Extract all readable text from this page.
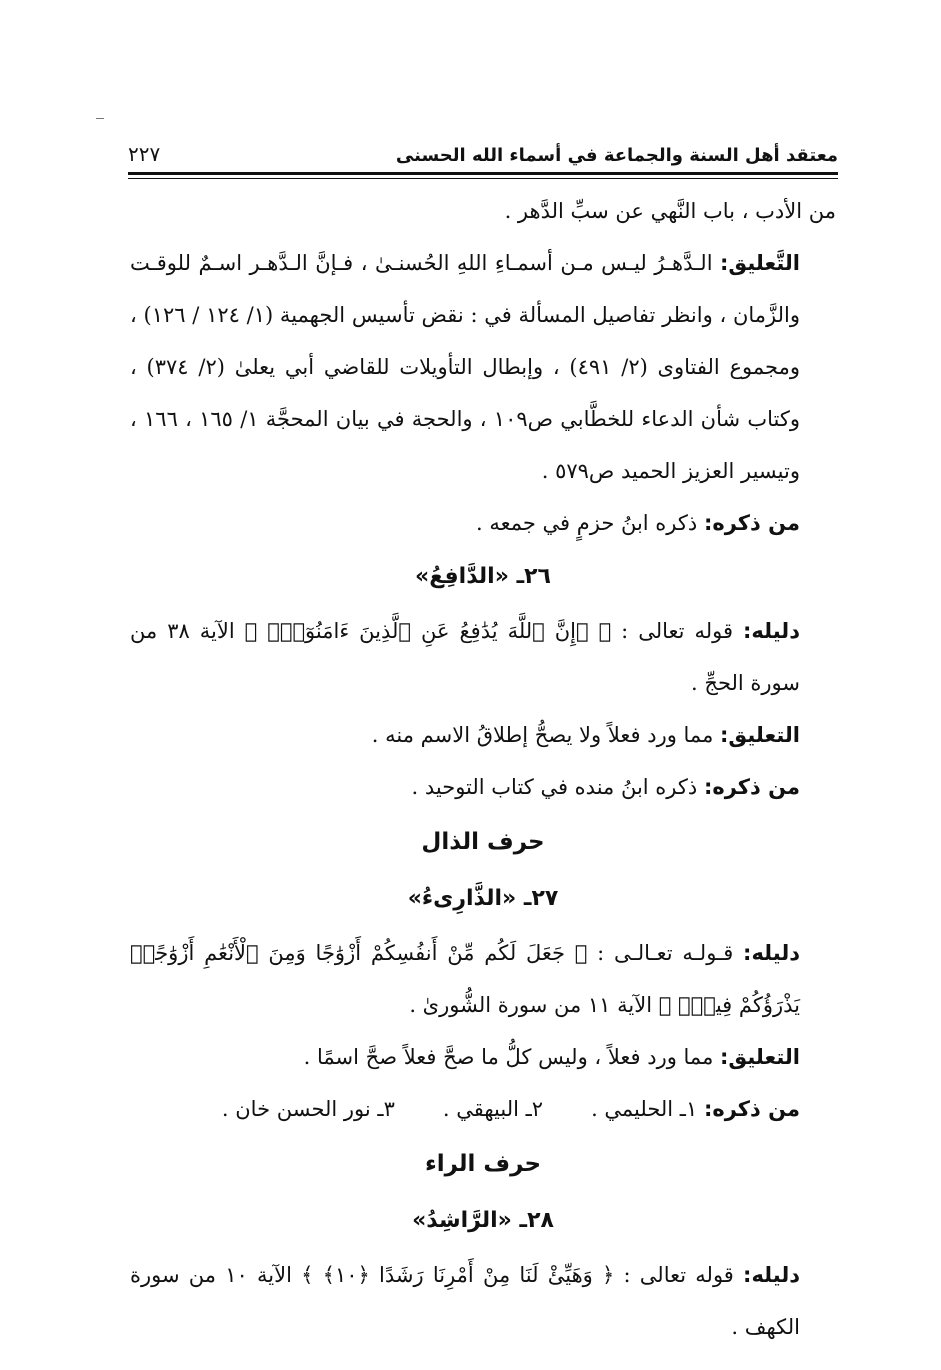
معتقد أهل السنة والجماعة في أسماء الله الحسنى
٢٢٧

من الأدب ، باب النَّهي عن سبِّ الدَّهر .

التَّعليق: الـدَّهـرُ ليـس مـن أسمـاءِ اللهِ الحُسنـىٰ ، فـإنَّ الـدَّهـر اسـمٌ للوقـت والزَّمان ، وانظر تفاصيل المسألة في : نقض تأسيس الجهمية (١/ ١٢٤ / ١٢٦) ، ومجموع الفتاوى (٢/ ٤٩١) ، وإبطال التأويلات للقاضي أبي يعلىٰ (٢/ ٣٧٤) ، وكتاب شأن الدعاء للخطَّابي ص١٠٩ ، والحجة في بيان المحجَّة ١/ ١٦٥ ، ١٦٦ ، وتيسير العزيز الحميد ص٥٧٩ .

من ذكره: ذكره ابنُ حزمٍ في جمعه .

٢٦ـ «الدَّافِعُ»

دليله: قوله تعالى : ﴿ ۞إِنَّ ٱللَّهَ يُدَٰفِعُ عَنِ ٱلَّذِينَ ءَامَنُوٓاْۗ ﴾ الآية ٣٨ من سورة الحجِّ .

التعليق: مما ورد فعلاً ولا يصحُّ إطلاقُ الاسم منه .

من ذكره: ذكره ابنُ منده في كتاب التوحيد .

حرف الذال
٢٧ـ «الذَّارِىءُ»

دليله: قـولـه تعـالـى : ﴿ جَعَلَ لَكُم مِّنْ أَنفُسِكُمْ أَزْوَٰجًا وَمِنَ ٱلْأَنْعَٰمِ أَزْوَٰجًاۖ يَذْرَؤُكُمْ فِيهِۚ ﴾ الآية ١١ من سورة الشُّورىٰ .

التعليق: مما ورد فعلاً ، وليس كلُّ ما صحَّ فعلاً صحَّ اسمًا .

من ذكره: ١ـ الحليمي .
٢ـ البيهقي .
٣ـ نور الحسن خان .

حرف الراء
٢٨ـ «الرَّاشِدُ»

دليله: قوله تعالى : ﴿ وَهَيِّئْ لَنَا مِنْ أَمْرِنَا رَشَدًا ﴿١٠﴾ ﴾ الآية ١٠ من سورة الكهف .
